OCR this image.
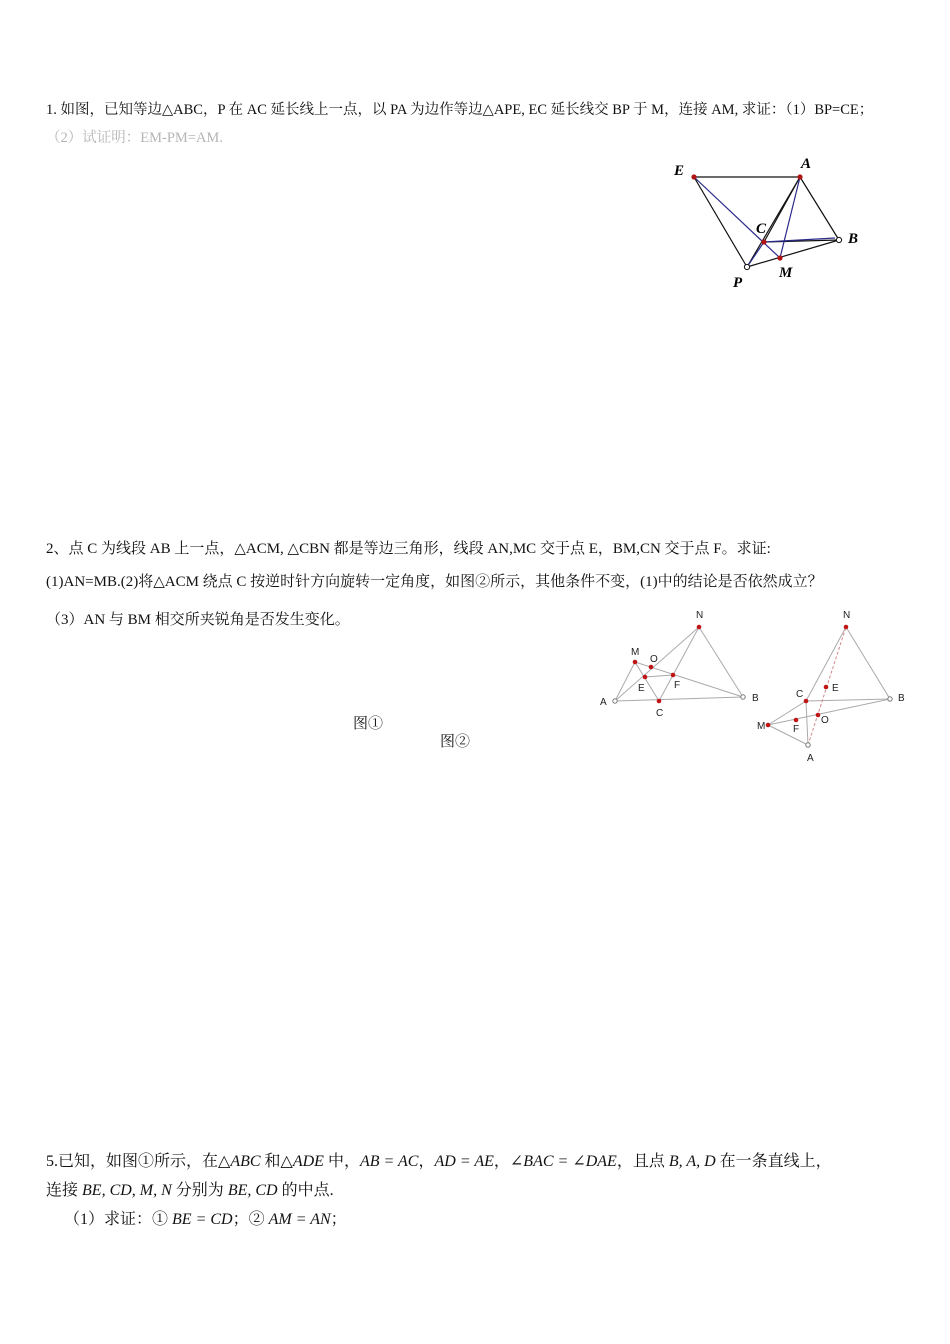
1. 如图，已知等边△ABC，P 在 AC 延长线上一点，以 PA 为边作等边△APE, EC 延长线交 BP 于 M，连接 AM, 求证：（1）BP=CE；
（2）试证明：EM-PM=AM.
E	A
C
B
M
P
2、点 C 为线段 AB 上一点，△ACM, △CBN 都是等边三角形，线段 AN,MC 交于点 E，BM,CN 交于点 F。求证:
(1)AN=MB.(2)将△ACM 绕点 C 按逆时针方向旋转一定角度，如图②所示，其他条件不变，(1)中的结论是否依然成立？
（3）AN 与 BM 相交所夹锐角是否发生变化。
图①
图②
N
M
O
E	F
A	B
C
N
C
E
B
M	F
O
A
5.已知，如图①所示，在△ABC 和△ADE 中，AB = AC，AD = AE，∠BAC = ∠DAE，且点 B, A, D 在一条直线上，
连接 BE, CD, M, N 分别为 BE, CD 的中点.
（1）求证：① BE = CD；② AM = AN；
